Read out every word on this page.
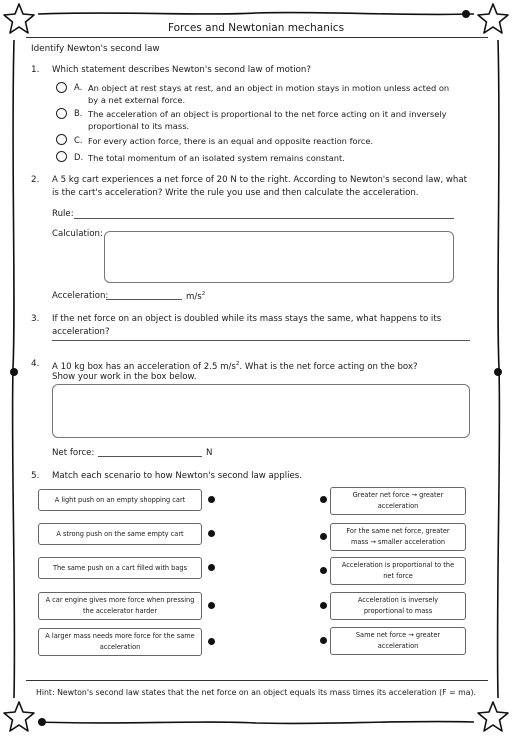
Forces and Newtonian mechanics
Identify Newton's second law
1. Which statement describes Newton's second law of motion?
A. An object at rest stays at rest, and an object in motion stays in motion unless acted on by a net external force.
B. The acceleration of an object is proportional to the net force acting on it and inversely proportional to its mass.
C. For every action force, there is an equal and opposite reaction force.
D. The total momentum of an isolated system remains constant.
2. A 5 kg cart experiences a net force of 20 N to the right. According to Newton's second law, what is the cart's acceleration? Write the rule you use and then calculate the acceleration.
Rule:
Calculation:
Acceleration:	$m/s^2$
3. If the net force on an object is doubled while its mass stays the same, what happens to its acceleration?
4. A 10 kg box has an acceleration of 2.5 $m/s^2$. What is the net force acting on the box?
Show your work in the box below.
Net force:	N
5. Match each scenario to how Newton's second law applies.
A light push on an empty shopping cart
A strong push on the same empty cart
The same push on a cart filled with bags
A car engine gives more force when pressing the accelerator harder
A larger mass needs more force for the same acceleration
Greater net force → greater acceleration
For the same net force, greater mass → smaller acceleration
Acceleration is proportional to the net force
Acceleration is inversely proportional to mass
Same net force → greater acceleration
Hint: Newton's second law states that the net force on an object equals its mass times its acceleration (F = ma).
